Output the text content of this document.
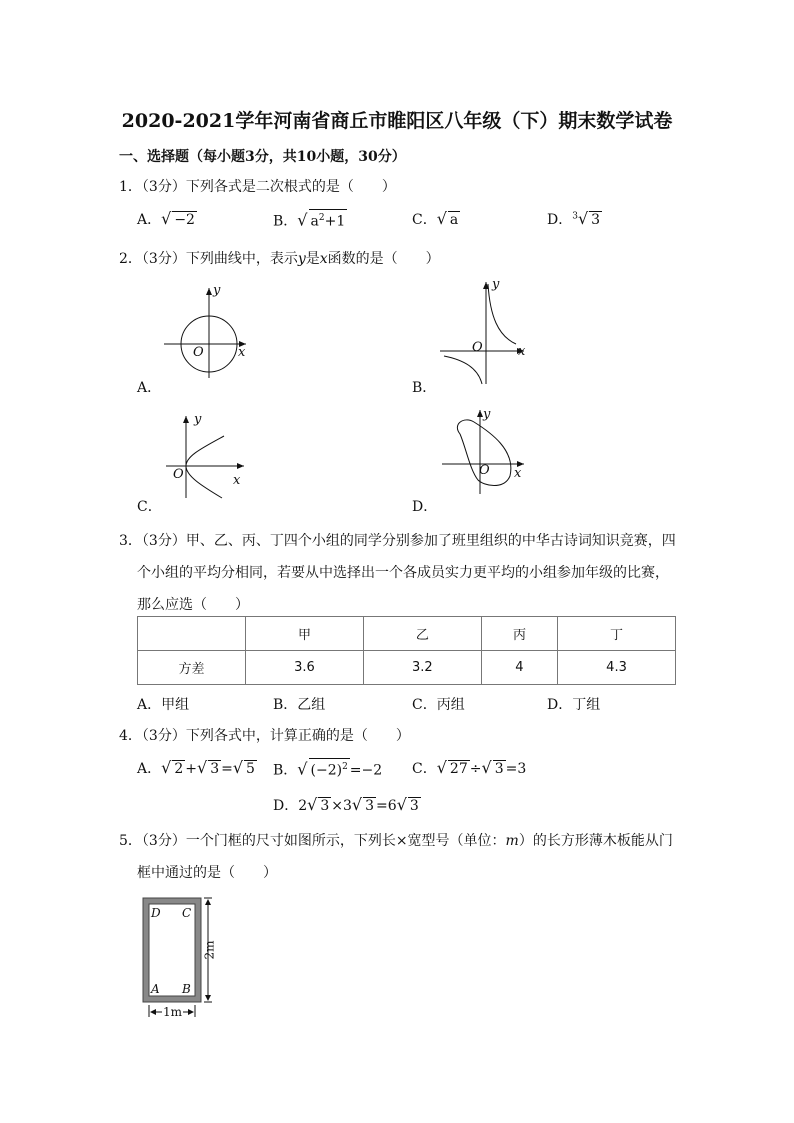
2020-2021学年河南省商丘市睢阳区八年级（下）期末数学试卷
一、选择题（每小题3分，共10小题，30分）
1．（3分）下列各式是二次根式的是（　　）
A．√ −2	B．√ $a^2+1$	C．√ a	D．$^3$√ 3
2．（3分）下列曲线中，表示y是x函数的是（　　）
y
x
O
A．
y
x
O
B．
y
x
O
C．
y
x
O
D．
3．（3分）甲、乙、丙、丁四个小组的同学分别参加了班里组织的中华古诗词知识竞赛，四
个小组的平均分相同，若要从中选择出一个各成员实力更平均的小组参加年级的比赛，
那么应选（　　）
	甲	乙	丙	丁
方差	3.6	3.2	4	4.3
A．甲组	B．乙组	C．丙组	D．丁组
4．（3分）下列各式中，计算正确的是（　　）
A．√ 2 +√ 3 =√ 5 B．√ $(-2)^2 =-2$ C．√ 27 ÷√ 3 =3
D．2√ 3 ×3√ 3 =6√ 3
5．（3分）一个门框的尺寸如图所示，下列长×宽型号（单位：m）的长方形薄木板能从门
框中通过的是（　　）
D C
A B
2m
1m
